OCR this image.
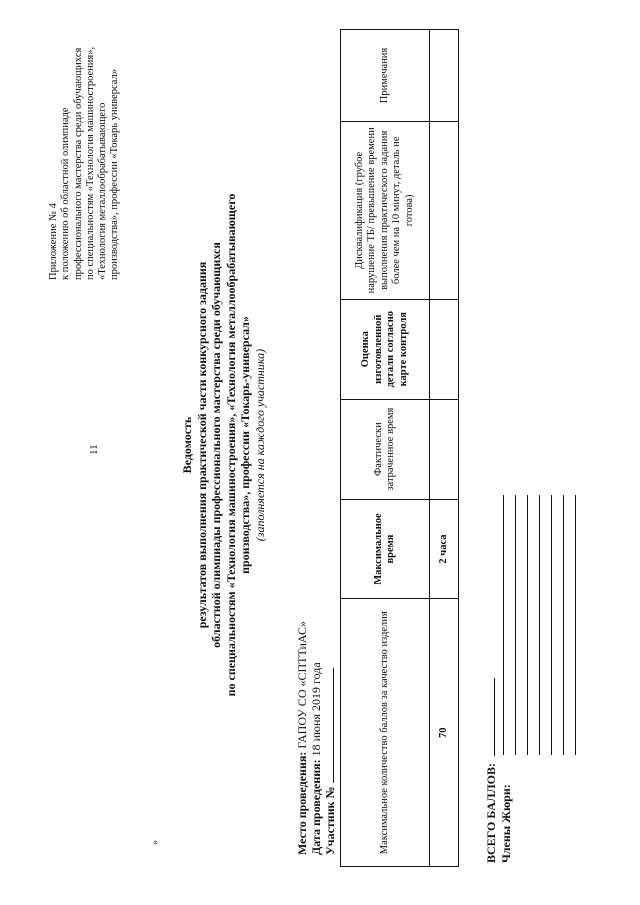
11
»
Приложение № 4 к положению об областной олимпиаде профессионального мастерства среди обучающихся по специальностям «Технология машиностроения», «Технология металлообрабатывающего производства», профессии «Токарь универсал»
Ведомость результатов выполнения практической части конкурсного задания областной олимпиады профессионального мастерства среди обучающихся по специальностям «Технология машиностроения», «Технология металлообрабатывающего производства», профессии «Токарь-универсал» (заполняется на каждого участника)
Место проведения: ГАПОУ СО «СПТТиАС»
Дата проведения: 18 июня 2019 года
Участник №	Максимальное количество баллов за качество изделия	Максимальное время	Фактически затраченное время	Оценка изготовленной детали согласно карте контроля	Дисквалификация (грубое нарушение ТБ/ превышение времени выполнения практического задания более чем на 10 минут, деталь не готова)	Примечания
70	2 часа				
ВСЕГО БАЛЛОВ: Члены Жюри:
